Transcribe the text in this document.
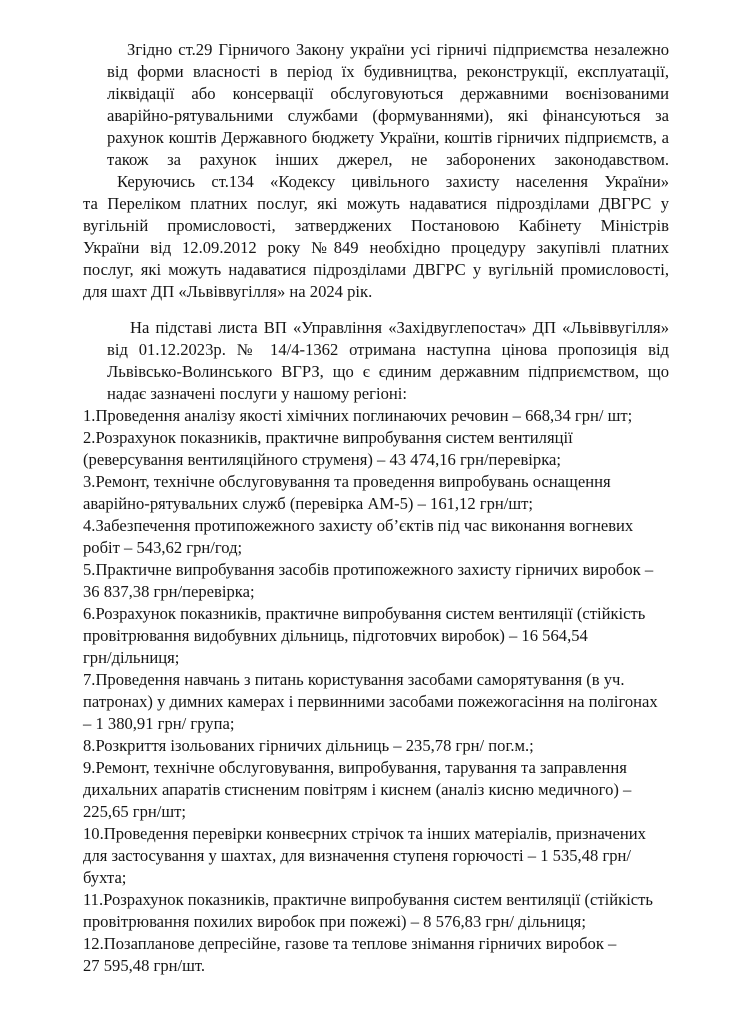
Згідно ст.29 Гірничого Закону україни усі гірничі підприємства незалежно
від форми власності в період їх будивництва, реконструкції, експлуатації,
ліквідації або консервації обслуговуються державними воєнізованими
аварійно-рятувальними службами (формуваннями), які фінансуються за
рахунок коштів Державного бюджету України, коштів гірничих підприємств, а
також за рахунок інших джерел, не заборонених законодавством.
Керуючись ст.134 «Кодексу цивільного захисту населення України»
та Переліком платних послуг, які можуть надаватися підрозділами ДВГРС у
вугільній промисловості, затверджених Постановою Кабінету Міністрів
України від 12.09.2012 року №849 необхідно процедуру закупівлі платних
послуг, які можуть надаватися підрозділами ДВГРС у вугільній промисловості,
для шахт ДП «Львіввугілля» на 2024 рік.
На підставі листа ВП «Управління «Західвуглепостач» ДП «Львіввугілля»
від 01.12.2023р. № 14/4-1362 отримана наступна цінова пропозиція від
Львівсько-Волинського ВГРЗ, що є єдиним державним підприємством, що
надає зазначені послуги у нашому регіоні:
1.Проведення аналізу якості хімічних поглинаючих речовин – 668,34 грн/ шт;
2.Розрахунок показників, практичне випробування систем вентиляції
(реверсування вентиляційного струменя) – 43 474,16 грн/перевірка;
3.Ремонт, технічне обслуговування та проведення випробувань оснащення
аварійно-рятувальних служб (перевірка АМ-5) – 161,12 грн/шт;
4.Забезпечення протипожежного захисту об’єктів під час виконання вогневих
робіт – 543,62 грн/год;
5.Практичне випробування засобів протипожежного захисту гірничих виробок –
36 837,38 грн/перевірка;
6.Розрахунок показників, практичне випробування систем вентиляції (стійкість
провітрювання видобувних дільниць, підготовчих виробок) – 16 564,54
грн/дільниця;
7.Проведення навчань з питань користування засобами саморятування (в уч.
патронах) у димних камерах і первинними засобами пожежогасіння на полігонах
– 1 380,91 грн/ група;
8.Розкриття ізольованих гірничих дільниць – 235,78 грн/ пог.м.;
9.Ремонт, технічне обслуговування, випробування, тарування та заправлення
дихальних апаратів стисненим повітрям і киснем (аналіз кисню медичного) –
225,65 грн/шт;
10.Проведення перевірки конвеєрних стрічок та інших матеріалів, призначених
для застосування у шахтах, для визначення ступеня горючості – 1 535,48 грн/
бухта;
11.Розрахунок показників, практичне випробування систем вентиляції (стійкість
провітрювання похилих виробок при пожежі) – 8 576,83 грн/ дільниця;
12.Позапланове депресійне, газове та теплове знімання гірничих виробок –
27 595,48 грн/шт.
